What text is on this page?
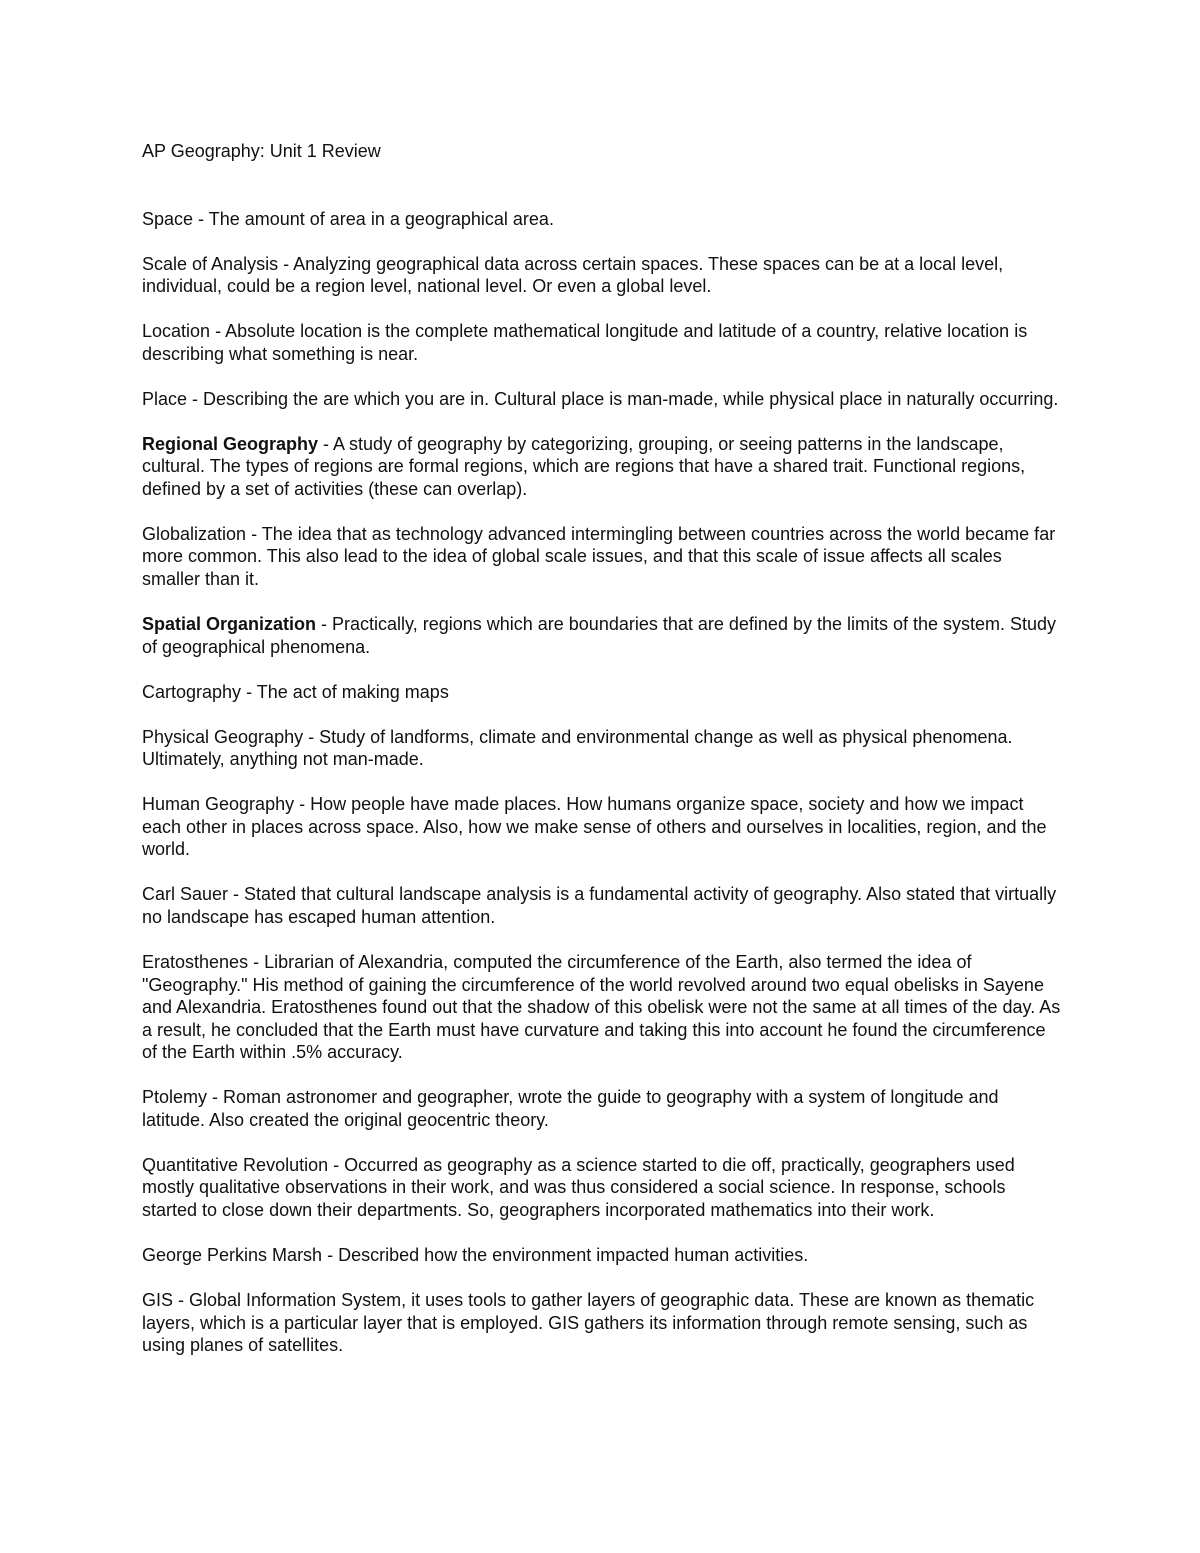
AP Geography: Unit 1 Review

Space - The amount of area in a geographical area.

Scale of Analysis - Analyzing geographical data across certain spaces. These spaces can be at a local level, individual, could be a region level, national level. Or even a global level.

Location - Absolute location is the complete mathematical longitude and latitude of a country, relative location is describing what something is near.

Place - Describing the are which you are in. Cultural place is man-made, while physical place in naturally occurring.

Regional Geography - A study of geography by categorizing, grouping, or seeing patterns in the landscape, cultural. The types of regions are formal regions, which are regions that have a shared trait. Functional regions, defined by a set of activities (these can overlap).

Globalization - The idea that as technology advanced intermingling between countries across the world became far more common. This also lead to the idea of global scale issues, and that this scale of issue affects all scales smaller than it.

Spatial Organization - Practically, regions which are boundaries that are defined by the limits of the system. Study of geographical phenomena.

Cartography - The act of making maps

Physical Geography - Study of landforms, climate and environmental change as well as physical phenomena. Ultimately, anything not man-made.

Human Geography - How people have made places. How humans organize space, society and how we impact each other in places across space. Also, how we make sense of others and ourselves in localities, region, and the world.

Carl Sauer - Stated that cultural landscape analysis is a fundamental activity of geography. Also stated that virtually no landscape has escaped human attention.

Eratosthenes - Librarian of Alexandria, computed the circumference of the Earth, also termed the idea of "Geography." His method of gaining the circumference of the world revolved around two equal obelisks in Sayene and Alexandria. Eratosthenes found out that the shadow of this obelisk were not the same at all times of the day. As a result, he concluded that the Earth must have curvature and taking this into account he found the circumference of the Earth within .5% accuracy.

Ptolemy - Roman astronomer and geographer, wrote the guide to geography with a system of longitude and latitude. Also created the original geocentric theory.

Quantitative Revolution - Occurred as geography as a science started to die off, practically, geographers used mostly qualitative observations in their work, and was thus considered a social science. In response, schools started to close down their departments. So, geographers incorporated mathematics into their work.

George Perkins Marsh - Described how the environment impacted human activities.

GIS - Global Information System, it uses tools to gather layers of geographic data. These are known as thematic layers, which is a particular layer that is employed. GIS gathers its information through remote sensing, such as using planes of satellites.
